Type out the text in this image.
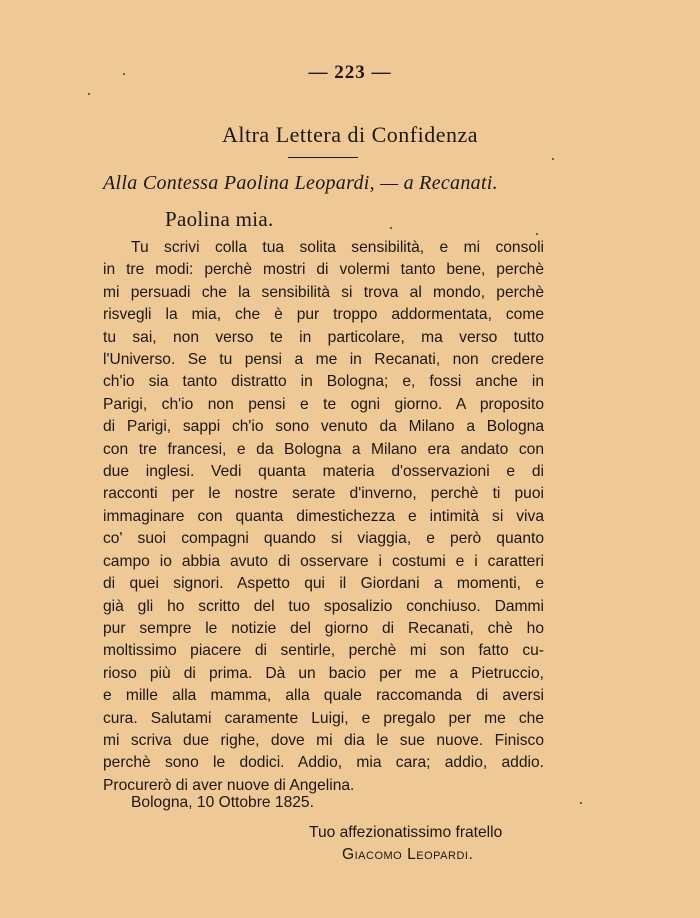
— 223 —
Altra Lettera di Confidenza
Alla Contessa Paolina Leopardi, — a Recanati.
Paolina mia.
Tu scrivi colla tua solita sensibilità, e mi consoli
in tre modi: perchè mostri di volermi tanto bene, perchè
mi persuadi che la sensibilità si trova al mondo, perchè
risvegli la mia, che è pur troppo addormentata, come
tu sai, non verso te in particolare, ma verso tutto
l'Universo. Se tu pensi a me in Recanati, non credere
ch'io sia tanto distratto in Bologna; e, fossi anche in
Parigi, ch'io non pensi e te ogni giorno. A proposito
di Parigi, sappi ch'io sono venuto da Milano a Bologna
con tre francesi, e da Bologna a Milano era andato con
due inglesi. Vedi quanta materia d'osservazioni e di
racconti per le nostre serate d'inverno, perchè ti puoi
immaginare con quanta dimestichezza e intimità si viva
co' suoi compagni quando si viaggia, e però quanto
campo io abbia avuto di osservare i costumi e i caratteri
di quei signori. Aspetto qui il Giordani a momenti, e
già gli ho scritto del tuo sposalizio conchiuso. Dammi
pur sempre le notizie del giorno di Recanati, chè ho
moltissimo piacere di sentirle, perchè mi son fatto cu-
rioso più di prima. Dà un bacio per me a Pietruccio,
e mille alla mamma, alla quale raccomanda di aversi
cura. Salutami caramente Luigi, e pregalo per me che
mi scriva due righe, dove mi dia le sue nuove. Finisco
perchè sono le dodici. Addio, mia cara; addio, addio.
Procurerò di aver nuove di Angelina.
Bologna, 10 Ottobre 1825.
Tuo affezionatissimo fratello
Giacomo Leopardi.
